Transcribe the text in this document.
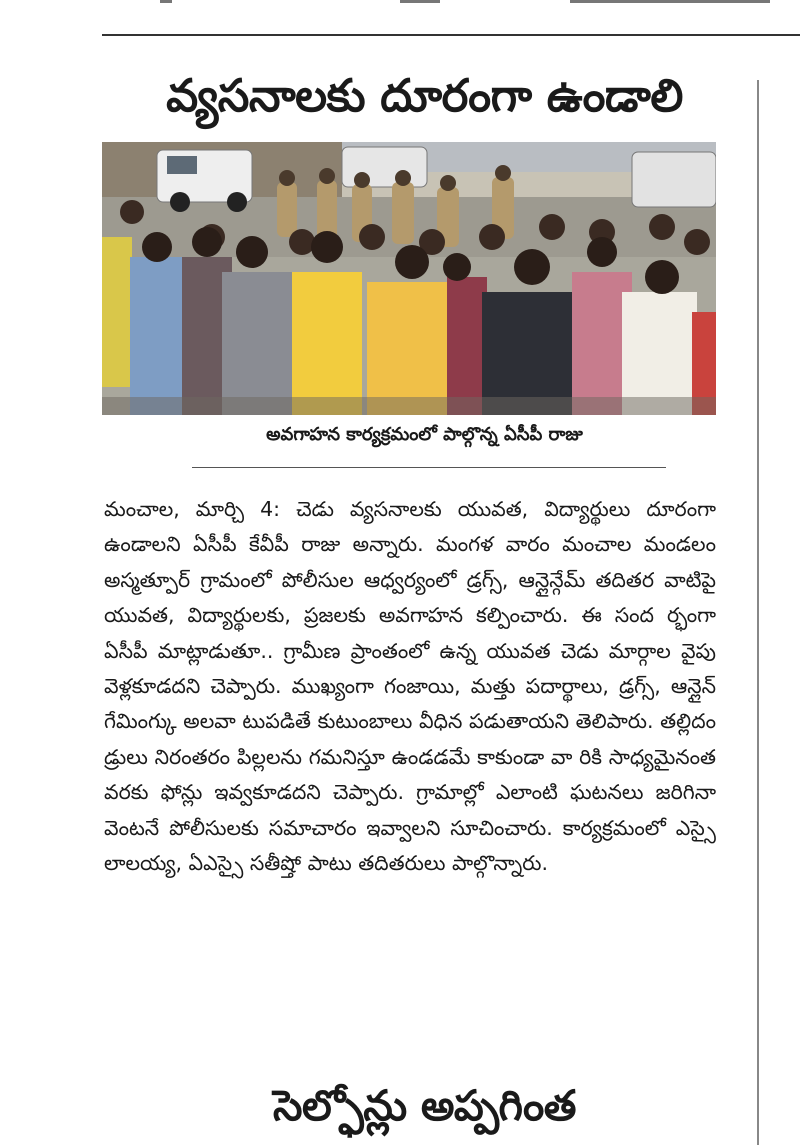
వ్యసనాలకు దూరంగా ఉండాలి
అవగాహన కార్యక్రమంలో పాల్గొన్న ఏసీపీ రాజు

మంచాల, మార్చి 4: చెడు వ్యసనాలకు యువత, విద్యార్థులు దూరంగా ఉండాలని ఏసీపీ కేవీపీ రాజు అన్నారు. మంగళ వారం మంచాల మండలం అస్మత్పూర్ గ్రామంలో పోలీసుల ఆధ్వర్యంలో డ్రగ్స్, ఆన్లైన్గేమ్ తదితర వాటిపై యువత, విద్యార్థులకు, ప్రజలకు అవగాహన కల్పించారు. ఈ సంద ర్భంగా ఏసీపీ మాట్లాడుతూ.. గ్రామీణ ప్రాంతంలో ఉన్న యువత చెడు మార్గాల వైపు వెళ్లకూడదని చెప్పారు. ముఖ్యంగా గంజాయి, మత్తు పదార్థాలు, డ్రగ్స్, ఆన్లైన్ గేమింగ్కు అలవా టుపడితే కుటుంబాలు వీధిన పడుతాయని తెలిపారు. తల్లిదం డ్రులు నిరంతరం పిల్లలను గమనిస్తూ ఉండడమే కాకుండా వా రికి సాధ్యమైనంత వరకు ఫోన్లు ఇవ్వకూడదని చెప్పారు. గ్రామాల్లో ఎలాంటి ఘటనలు జరిగినా వెంటనే పోలీసులకు సమాచారం ఇవ్వాలని సూచించారు. కార్యక్రమంలో ఎస్సై లాలయ్య, ఏఎస్సై సతీష్తో పాటు తదితరులు పాల్గొన్నారు.

సెల్ఫోన్లు అప్పగింత
